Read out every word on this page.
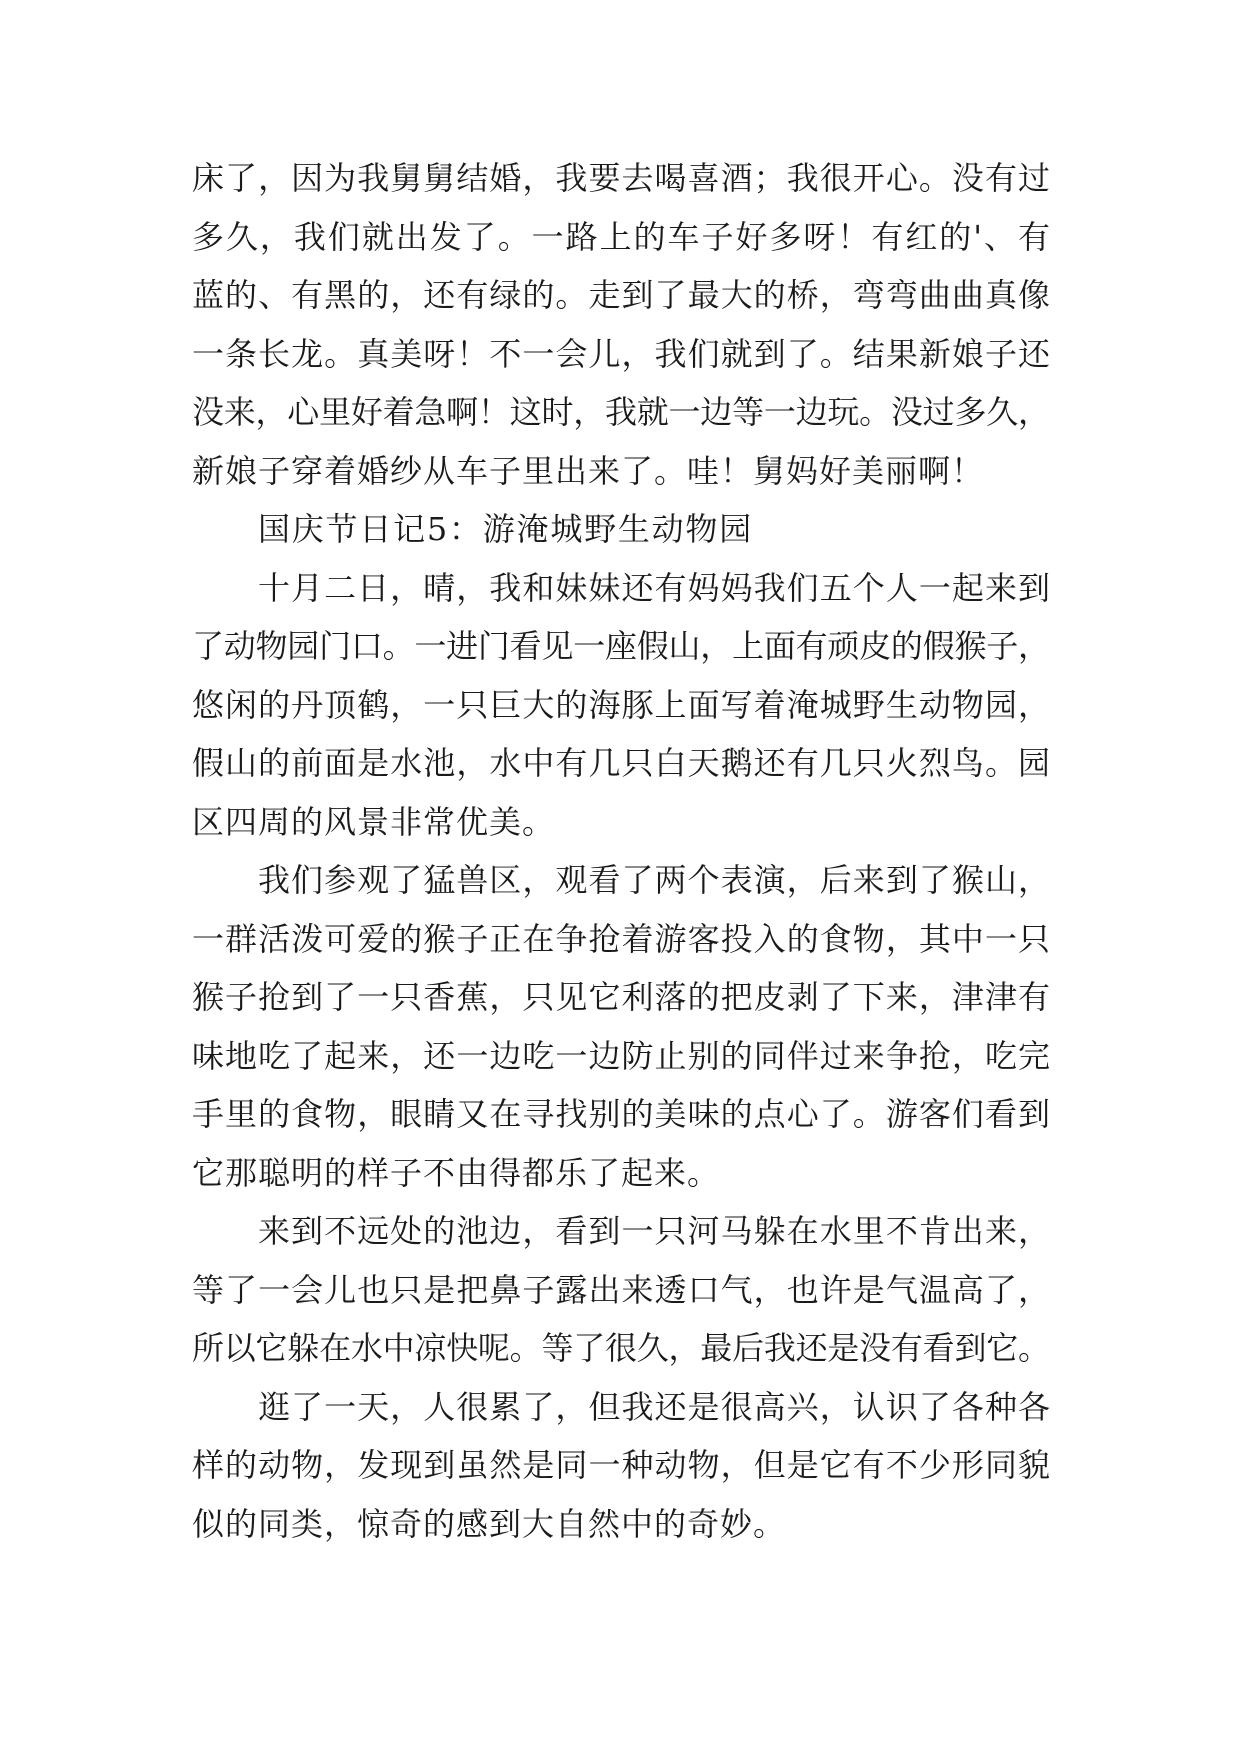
床了，因为我舅舅结婚，我要去喝喜酒；我很开心。没有过
多久，我们就出发了。一路上的车子好多呀！有红的'、有
蓝的、有黑的，还有绿的。走到了最大的桥，弯弯曲曲真像
一条长龙。真美呀！不一会儿，我们就到了。结果新娘子还
没来，心里好着急啊！这时，我就一边等一边玩。没过多久，
新娘子穿着婚纱从车子里出来了。哇！舅妈好美丽啊！
国庆节日记5：游淹城野生动物园
十月二日，晴，我和妹妹还有妈妈我们五个人一起来到
了动物园门口。一进门看见一座假山，上面有顽皮的假猴子，
悠闲的丹顶鹤，一只巨大的海豚上面写着淹城野生动物园，
假山的前面是水池，水中有几只白天鹅还有几只火烈鸟。园
区四周的风景非常优美。
我们参观了猛兽区，观看了两个表演，后来到了猴山，
一群活泼可爱的猴子正在争抢着游客投入的食物，其中一只
猴子抢到了一只香蕉，只见它利落的把皮剥了下来，津津有
味地吃了起来，还一边吃一边防止别的同伴过来争抢，吃完
手里的食物，眼睛又在寻找别的美味的点心了。游客们看到
它那聪明的样子不由得都乐了起来。
来到不远处的池边，看到一只河马躲在水里不肯出来，
等了一会儿也只是把鼻子露出来透口气，也许是气温高了，
所以它躲在水中凉快呢。等了很久，最后我还是没有看到它。
逛了一天，人很累了，但我还是很高兴，认识了各种各
样的动物，发现到虽然是同一种动物，但是它有不少形同貌
似的同类，惊奇的感到大自然中的奇妙。
